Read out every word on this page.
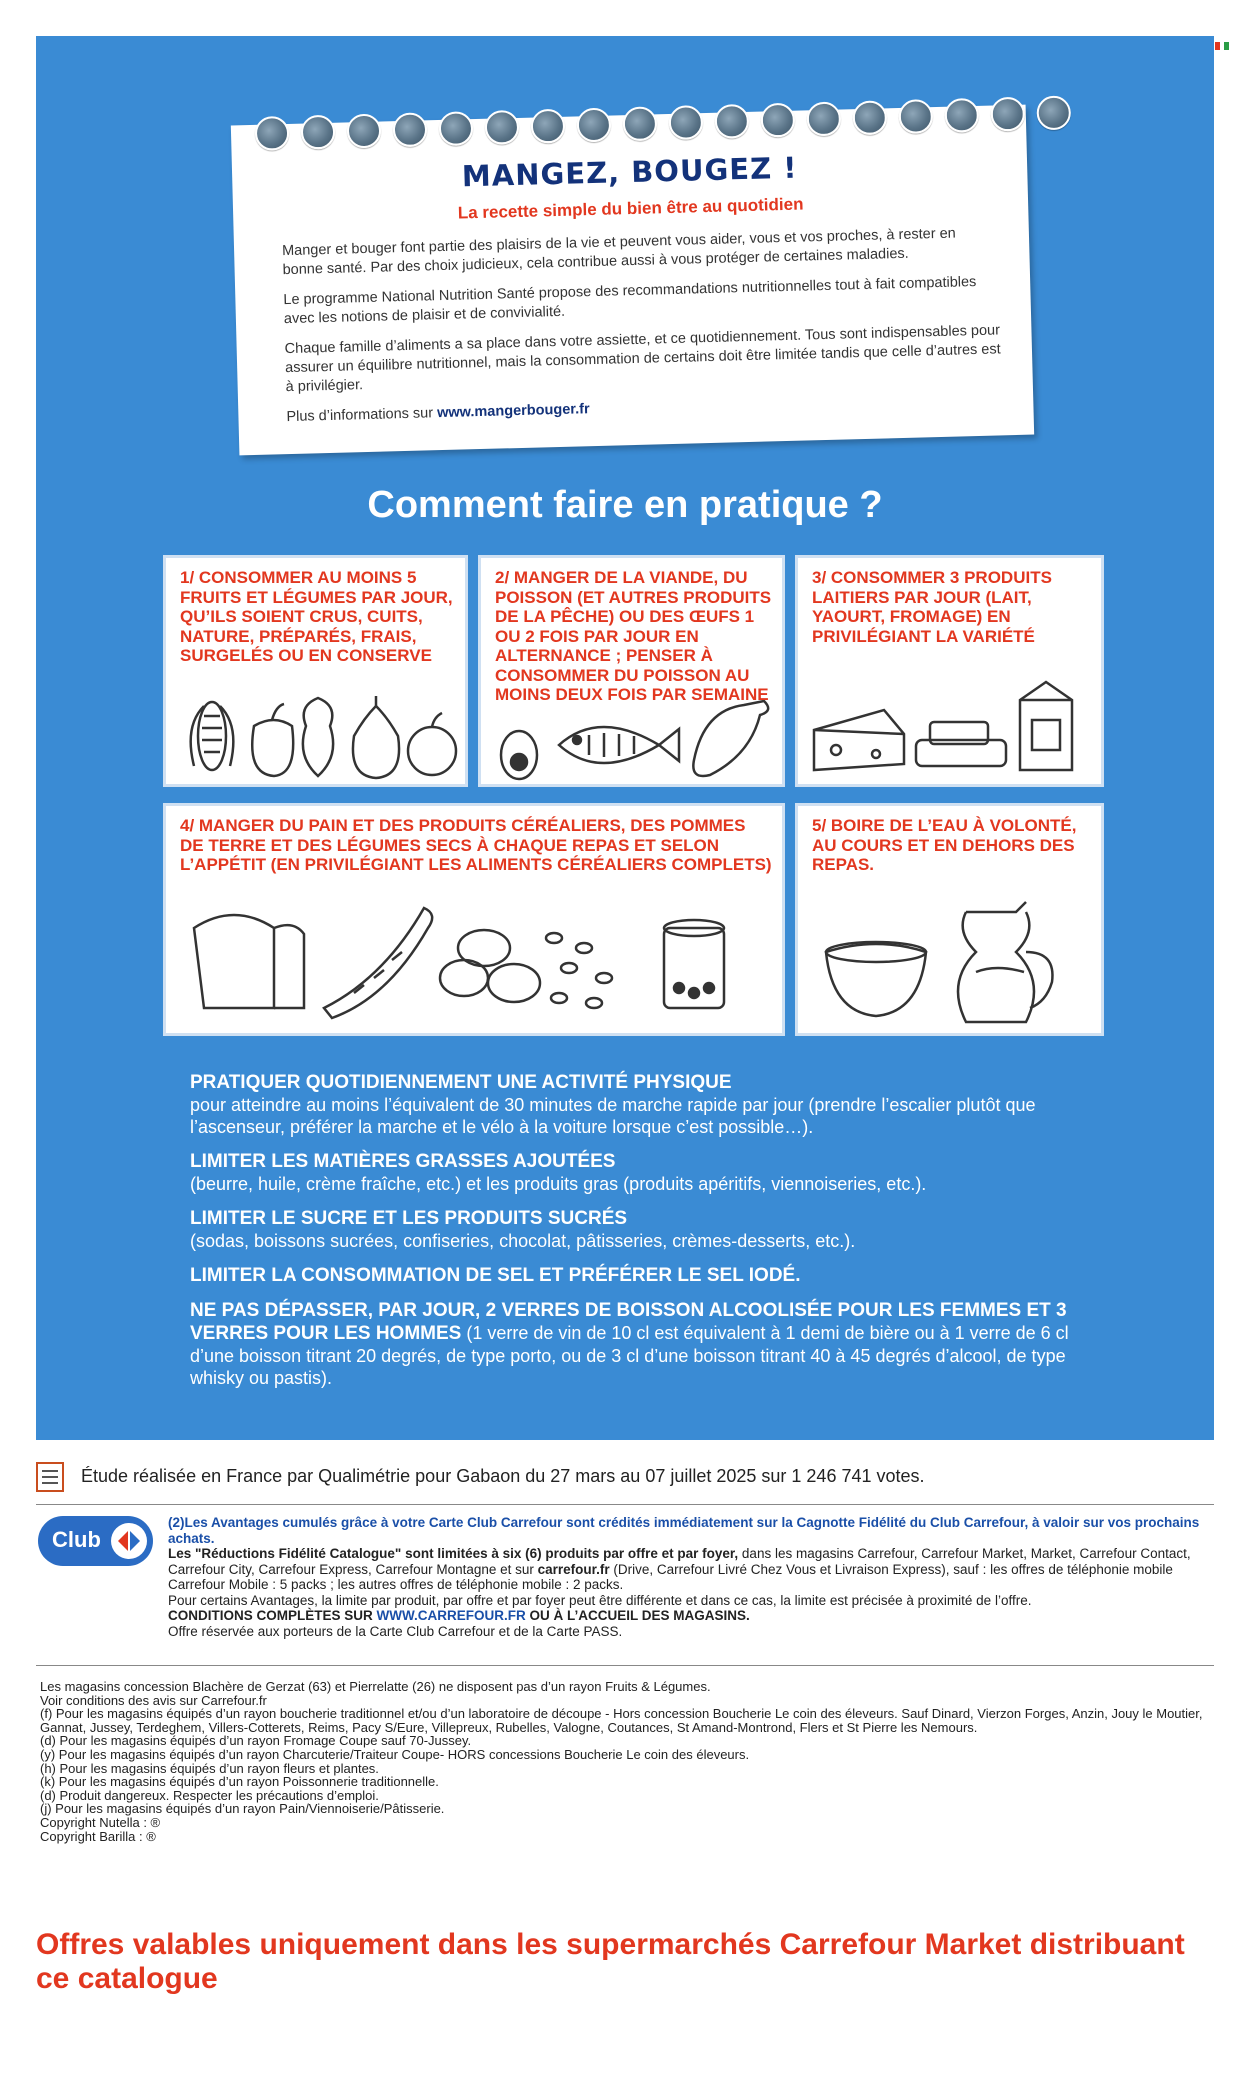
MANGEZ, BOUGEZ !
La recette simple du bien être au quotidien

Manger et bouger font partie des plaisirs de la vie et peuvent vous aider, vous et vos proches, à rester en bonne santé. Par des choix judicieux, cela contribue aussi à vous protéger de certaines maladies.

Le programme National Nutrition Santé propose des recommandations nutritionnelles tout à fait compatibles avec les notions de plaisir et de convivialité.

Chaque famille d’aliments a sa place dans votre assiette, et ce quotidiennement. Tous sont indispensables pour assurer un équilibre nutritionnel, mais la consommation de certains doit être limitée tandis que celle d’autres est à privilégier.

Plus d’informations sur www.mangerbouger.fr

Comment faire en pratique ?
1/ CONSOMMER AU MOINS 5 FRUITS ET LÉGUMES PAR JOUR, QU’ILS SOIENT CRUS, CUITS, NATURE, PRÉPARÉS, FRAIS, SURGELÉS OU EN CONSERVE
2/ MANGER DE LA VIANDE, DU POISSON (ET AUTRES PRODUITS DE LA PÊCHE) OU DES ŒUFS 1 OU 2 FOIS PAR JOUR EN ALTERNANCE ; PENSER À CONSOMMER DU POISSON AU MOINS DEUX FOIS PAR SEMAINE
3/ CONSOMMER 3 PRODUITS LAITIERS PAR JOUR (LAIT, YAOURT, FROMAGE) EN PRIVILÉGIANT LA VARIÉTÉ
4/ MANGER DU PAIN ET DES PRODUITS CÉRÉALIERS, DES POMMES DE TERRE ET DES LÉGUMES SECS À CHAQUE REPAS ET SELON L’APPÉTIT (EN PRIVILÉGIANT LES ALIMENTS CÉRÉALIERS COMPLETS)
5/ BOIRE DE L’EAU À VOLONTÉ, AU COURS ET EN DEHORS DES REPAS.
PRATIQUER QUOTIDIENNEMENT UNE ACTIVITÉ PHYSIQUE
pour atteindre au moins l’équivalent de 30 minutes de marche rapide par jour (prendre l’escalier plutôt que l’ascenseur, préférer la marche et le vélo à la voiture lorsque c’est possible…).
LIMITER LES MATIÈRES GRASSES AJOUTÉES
(beurre, huile, crème fraîche, etc.) et les produits gras (produits apéritifs, viennoiseries, etc.).
LIMITER LE SUCRE ET LES PRODUITS SUCRÉS
(sodas, boissons sucrées, confiseries, chocolat, pâtisseries, crèmes-desserts, etc.).
LIMITER LA CONSOMMATION DE SEL ET PRÉFÉRER LE SEL IODÉ.
NE PAS DÉPASSER, PAR JOUR, 2 VERRES DE BOISSON ALCOOLISÉE POUR LES FEMMES ET 3 VERRES POUR LES HOMMES (1 verre de vin de 10 cl est équivalent à 1 demi de bière ou à 1 verre de 6 cl d’une boisson titrant 20 degrés, de type porto, ou de 3 cl d’une boisson titrant 40 à 45 degrés d’alcool, de type whisky ou pastis).
Étude réalisée en France par Qualimétrie pour Gabaon du 27 mars au 07 juillet 2025 sur 1 246 741 votes.
Club

(2)Les Avantages cumulés grâce à votre Carte Club Carrefour sont crédités immédiatement sur la Cagnotte Fidélité du Club Carrefour, à valoir sur vos prochains achats.

Les "Réductions Fidélité Catalogue" sont limitées à six (6) produits par offre et par foyer, dans les magasins Carrefour, Carrefour Market, Market, Carrefour Contact, Carrefour City, Carrefour Express, Carrefour Montagne et sur carrefour.fr (Drive, Carrefour Livré Chez Vous et Livraison Express), sauf : les offres de téléphonie mobile Carrefour Mobile : 5 packs ; les autres offres de téléphonie mobile : 2 packs.

Pour certains Avantages, la limite par produit, par offre et par foyer peut être différente et dans ce cas, la limite est précisée à proximité de l’offre.

CONDITIONS COMPLÈTES SUR WWW.CARREFOUR.FR OU À L’ACCUEIL DES MAGASINS.

Offre réservée aux porteurs de la Carte Club Carrefour et de la Carte PASS.

Les magasins concession Blachère de Gerzat (63) et Pierrelatte (26) ne disposent pas d’un rayon Fruits & Légumes.

Voir conditions des avis sur Carrefour.fr

(f) Pour les magasins équipés d’un rayon boucherie traditionnel et/ou d’un laboratoire de découpe - Hors concession Boucherie Le coin des éleveurs. Sauf Dinard, Vierzon Forges, Anzin, Jouy le Moutier, Gannat, Jussey, Terdeghem, Villers-Cotterets, Reims, Pacy S/Eure, Villepreux, Rubelles, Valogne, Coutances, St Amand-Montrond, Flers et St Pierre les Nemours.

(d) Pour les magasins équipés d’un rayon Fromage Coupe sauf 70-Jussey.

(y) Pour les magasins équipés d’un rayon Charcuterie/Traiteur Coupe- HORS concessions Boucherie Le coin des éleveurs.

(h) Pour les magasins équipés d’un rayon fleurs et plantes.

(k) Pour les magasins équipés d’un rayon Poissonnerie traditionnelle.

(d) Produit dangereux. Respecter les précautions d’emploi.

(j) Pour les magasins équipés d’un rayon Pain/Viennoiserie/Pâtisserie.

Copyright Nutella : ®

Copyright Barilla : ®

Offres valables uniquement dans les supermarchés Carrefour Market distribuant ce catalogue
